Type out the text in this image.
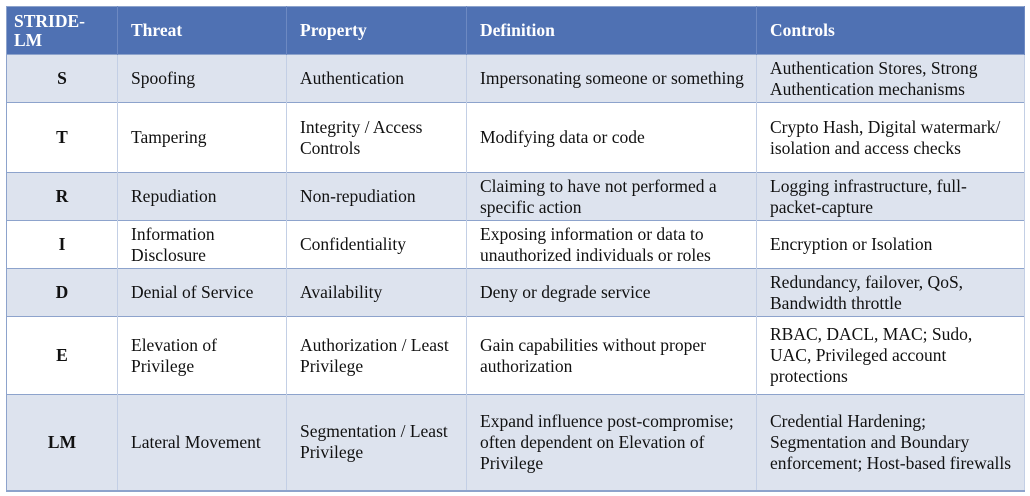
STRIDE-LM	Threat	Property	Definition	Controls
S	Spoofing	Authentication	Impersonating someone or something	Authentication Stores, Strong Authentication mechanisms
T	Tampering	Integrity / Access Controls	Modifying data or code	Crypto Hash, Digital watermark/ isolation and access checks
R	Repudiation	Non-repudiation	Claiming to have not performed a specific action	Logging infrastructure, full-packet-capture
I	Information Disclosure	Confidentiality	Exposing information or data to unauthorized individuals or roles	Encryption or Isolation
D	Denial of Service	Availability	Deny or degrade service	Redundancy, failover, QoS, Bandwidth throttle
E	Elevation of Privilege	Authorization / Least Privilege	Gain capabilities without proper authorization	RBAC, DACL, MAC; Sudo, UAC, Privileged account protections
LM	Lateral Movement	Segmentation / Least Privilege	Expand influence post-compromise; often dependent on Elevation of Privilege	Credential Hardening; Segmentation and Boundary enforcement; Host-based firewalls
